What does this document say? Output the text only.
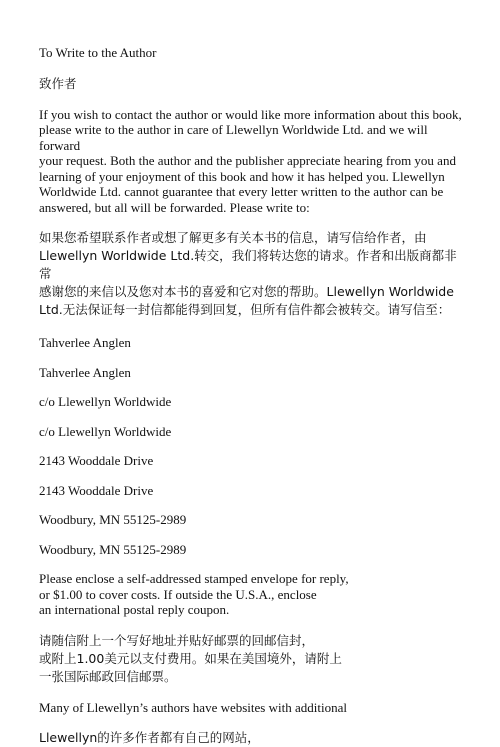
To Write to the Author

致作者

If you wish to contact the author or would like more information about this book,
please write to the author in care of Llewellyn Worldwide Ltd. and we will forward
your request. Both the author and the publisher appreciate hearing from you and
learning of your enjoyment of this book and how it has helped you. Llewellyn
Worldwide Ltd. cannot guarantee that every letter written to the author can be
answered, but all will be forwarded. Please write to:

如果您希望联系作者或想了解更多有关本书的信息，请写信给作者，由
Llewellyn Worldwide Ltd.转交，我们将转达您的请求。作者和出版商都非常
感谢您的来信以及您对本书的喜爱和它对您的帮助。Llewellyn Worldwide
Ltd.无法保证每一封信都能得到回复，但所有信件都会被转交。请写信至：

Tahverlee Anglen

Tahverlee Anglen

c/o Llewellyn Worldwide

c/o Llewellyn Worldwide

2143 Wooddale Drive

2143 Wooddale Drive

Woodbury, MN 55125-2989

Woodbury, MN 55125-2989

Please enclose a self-addressed stamped envelope for reply,
or $1.00 to cover costs. If outside the U.S.A., enclose
an international postal reply coupon.

请随信附上一个写好地址并贴好邮票的回邮信封，
或附上1.00美元以支付费用。如果在美国境外，请附上
一张国际邮政回信邮票。

Many of Llewellyn’s authors have websites with additional

Llewellyn的许多作者都有自己的网站，
